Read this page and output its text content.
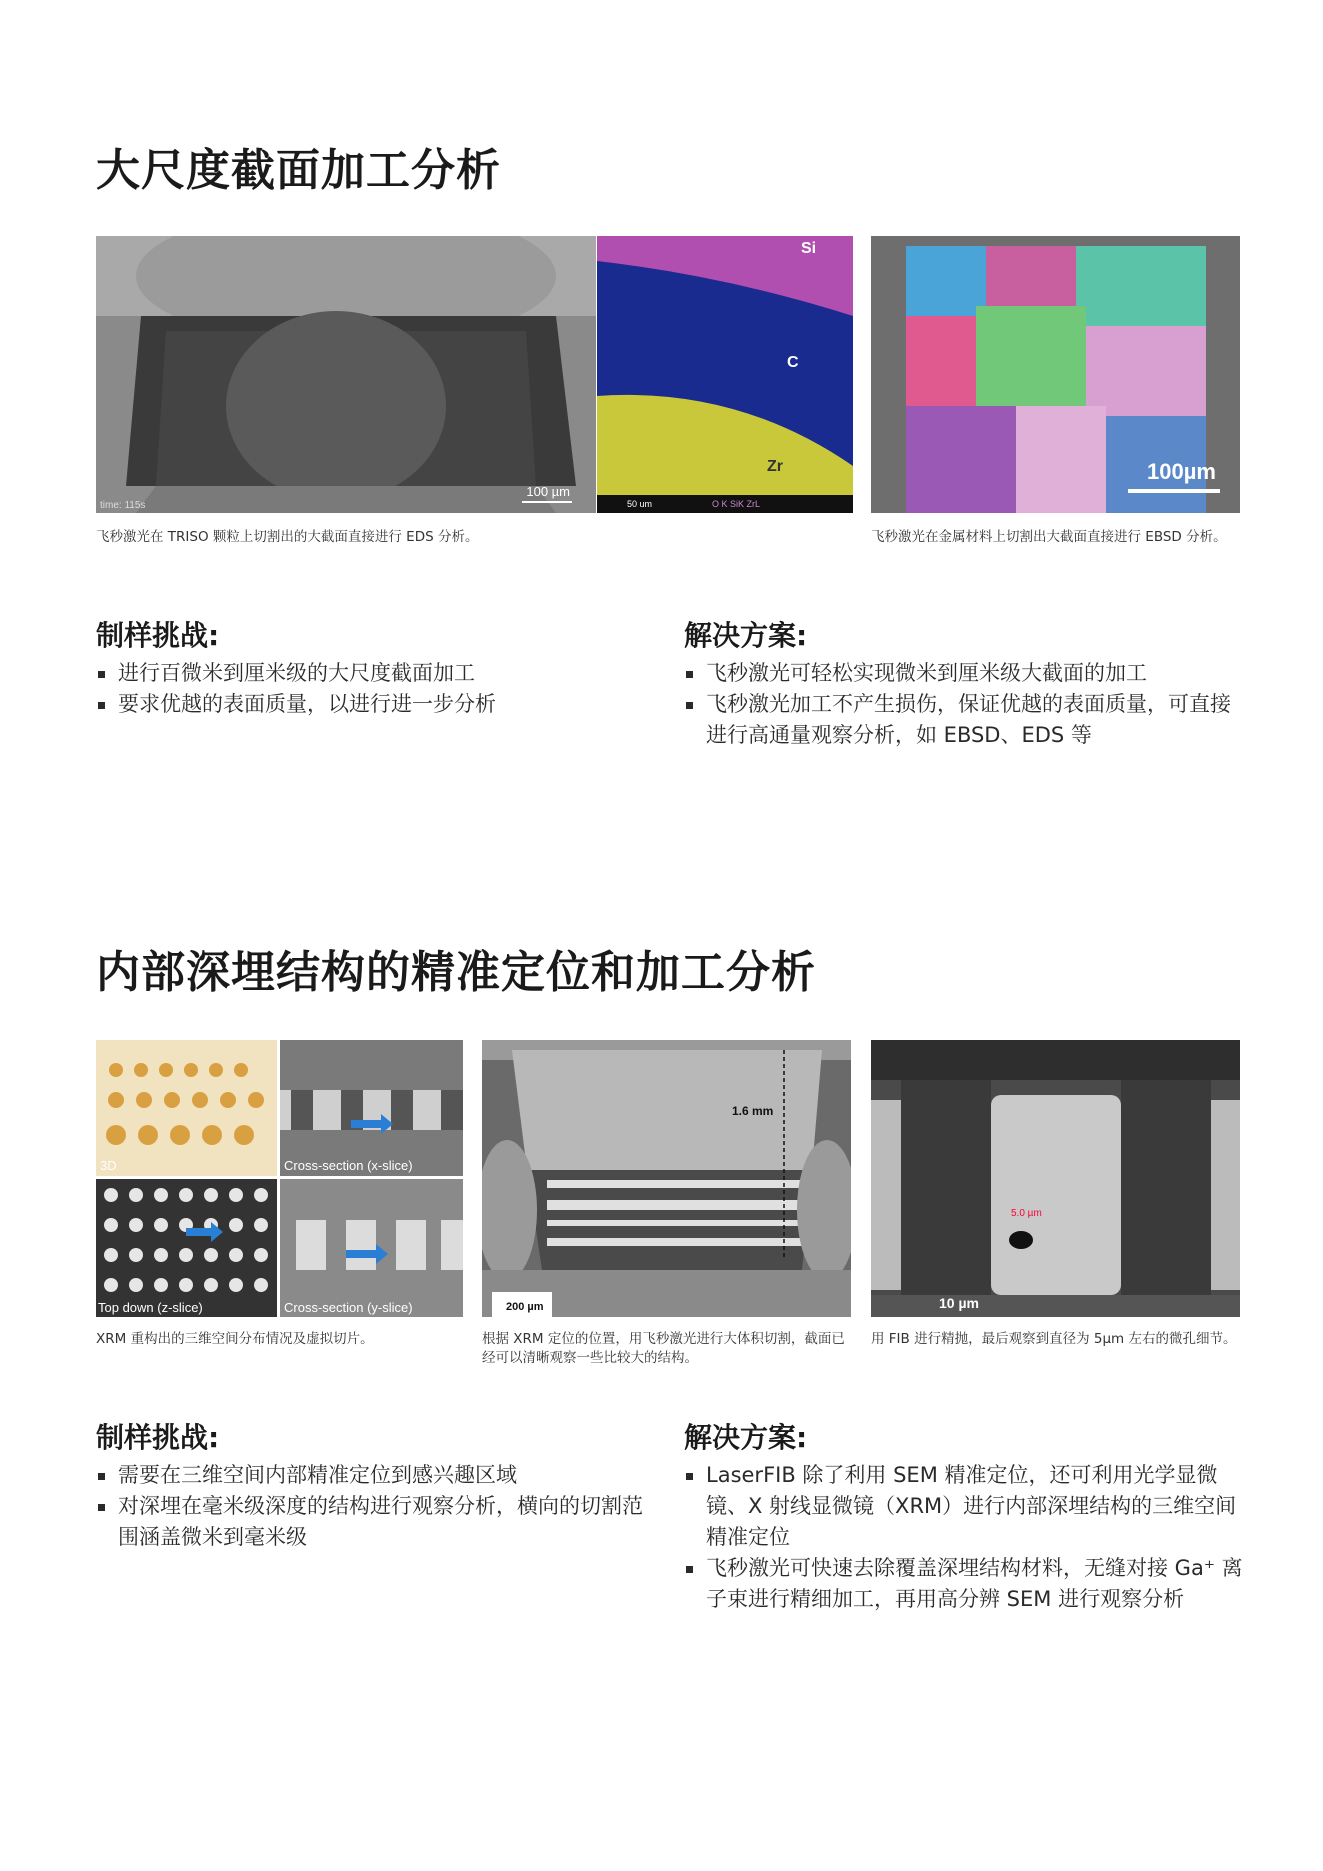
大尺度截面加工分析
time: 115s
100 µm
Si
C
Zr
50 um	O K SiK ZrL
100µm
飞秒激光在 TRISO 颗粒上切割出的大截面直接进行 EDS 分析。	飞秒激光在金属材料上切割出大截面直接进行 EBSD 分析。
制样挑战:
进行百微米到厘米级的大尺度截面加工
要求优越的表面质量，以进行进一步分析
解决方案:
飞秒激光可轻松实现微米到厘米级大截面的加工
飞秒激光加工不产生损伤，保证优越的表面质量，可直接进行高通量观察分析，如 EBSD、EDS 等
内部深埋结构的精准定位和加工分析
3D	Cross-section (x-slice)
Top down (z-slice)	Cross-section (y-slice)
1.6 mm
200 µm
5.0 µm
10 µm
XRM 重构出的三维空间分布情况及虚拟切片。	根据 XRM 定位的位置，用飞秒激光进行大体积切割，截面已经可以清晰观察一些比较大的结构。
用 FIB 进行精抛，最后观察到直径为 5µm 左右的微孔细节。
制样挑战:
需要在三维空间内部精准定位到感兴趣区域
对深埋在毫米级深度的结构进行观察分析，横向的切割范围涵盖微米到毫米级
解决方案:
LaserFIB 除了利用 SEM 精准定位，还可利用光学显微镜、X 射线显微镜（XRM）进行内部深埋结构的三维空间精准定位
飞秒激光可快速去除覆盖深埋结构材料，无缝对接 Ga⁺ 离子束进行精细加工，再用高分辨 SEM 进行观察分析
